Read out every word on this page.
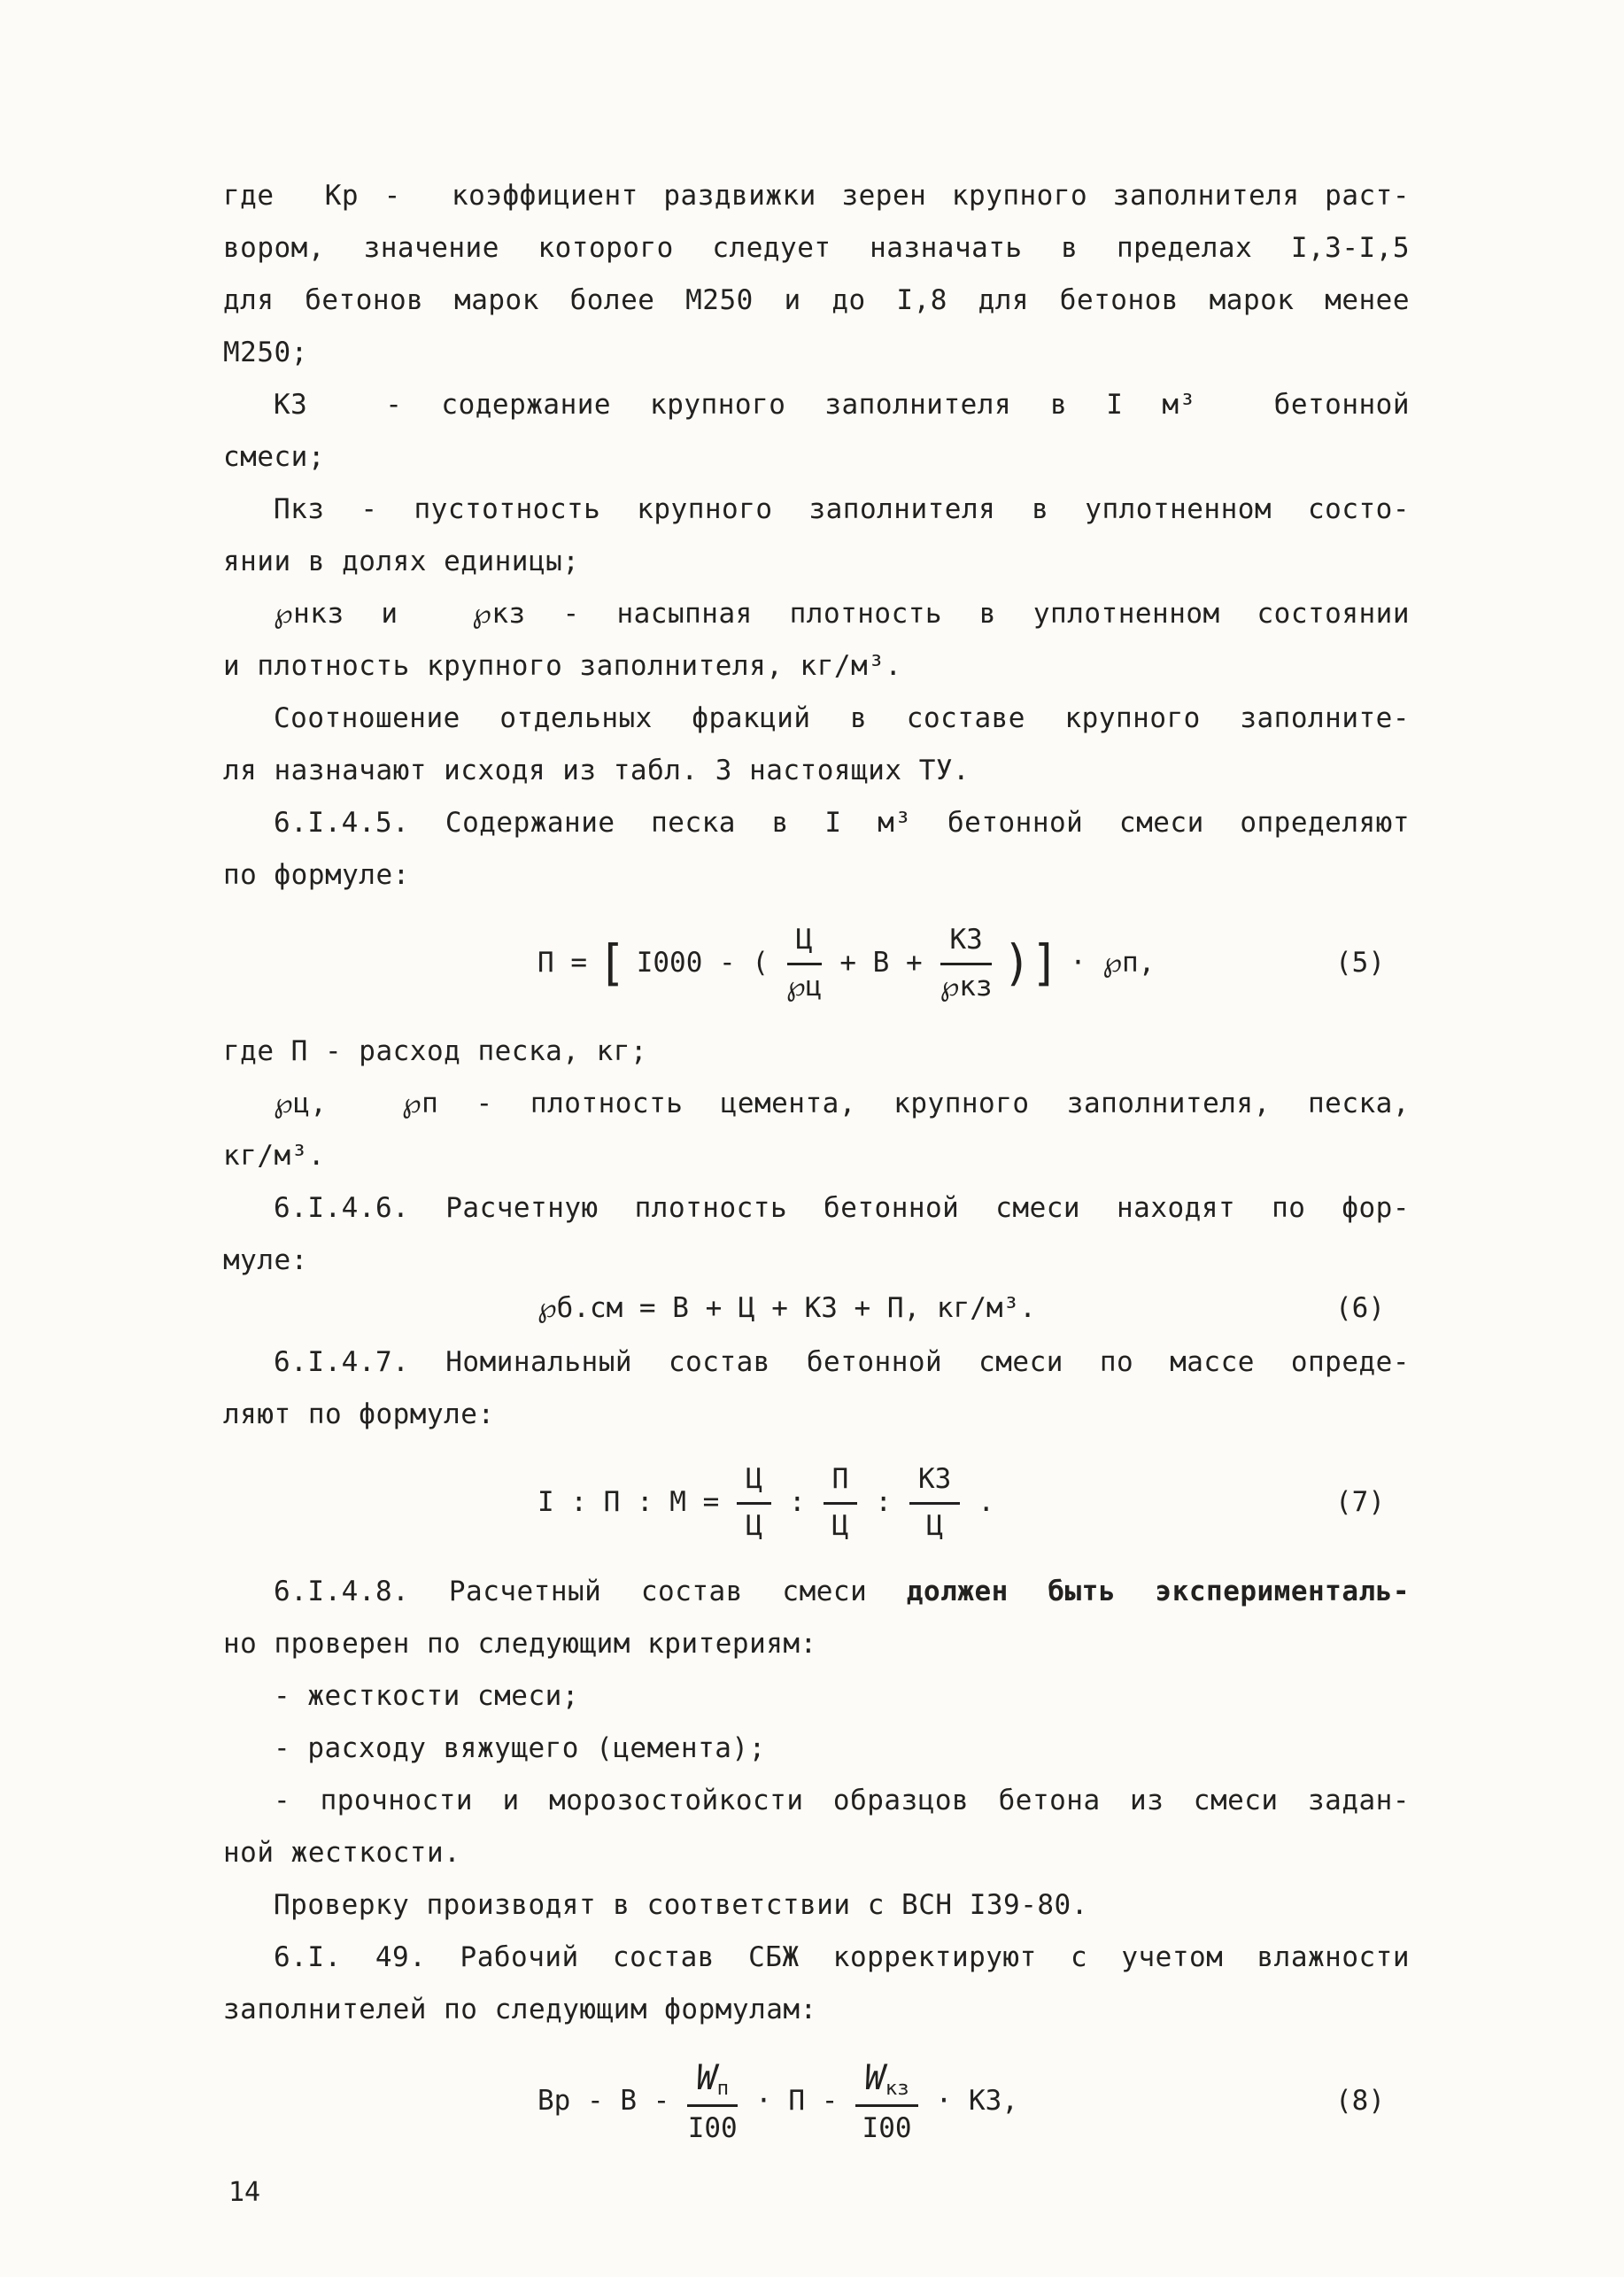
где  Кр -  коэффициент раздвижки зерен крупного заполнителя раст-
вором, значение которого следует назначать в пределах I,3-I,5
для бетонов марок более М250 и до I,8 для бетонов марок менее
М250;
КЗ  - содержание крупного заполнителя в I м³  бетонной
смеси;
Пкз - пустотность крупного заполнителя в уплотненном состо-
янии в долях единицы;
℘нкз и  ℘кз - насыпная плотность в уплотненном состоянии
и плотность крупного заполнителя, кг/м³.
Соотношение отдельных фракций в составе крупного заполните-
ля назначают исходя из табл. 3 настоящих ТУ.
6.I.4.5. Содержание песка в I м³ бетонной смеси определяют
по формуле:
П = [ I000 - ( $\frac{Ц}{℘ц} + В + \frac{КЗ}{℘кз}$ )] · ℘п,	(5)
где П - расход песка, кг;
℘ц,  ℘п - плотность цемента, крупного заполнителя, песка,
кг/м³.
6.I.4.6. Расчетную плотность бетонной смеси находят по фор-
муле:
℘б.см = В + Ц + КЗ + П, кг/м³.	(6)
6.I.4.7. Номинальный состав бетонной смеси по массе опреде-
ляют по формуле:
I : П : $М = \frac{Ц}{Ц}$ : $\frac{П}{Ц}$ : $\frac{КЗ}{Ц}$ .	(7)
6.I.4.8. Расчетный состав смеси должен быть эксперименталь-
но проверен по следующим критериям:
- жесткости смеси;
- расходу вяжущего (цемента);
- прочности и морозостойкости образцов бетона из смеси задан-
ной жесткости.
Проверку производят в соответствии с ВСН I39-80.
6.I. 49. Рабочий состав СБЖ корректируют с учетом влажности
заполнителей по следующим формулам:
Вр - $В - \frac{W_п}{I00} \cdot П - \frac{W_{кз}}{I00}$ · КЗ,	(8)
14
